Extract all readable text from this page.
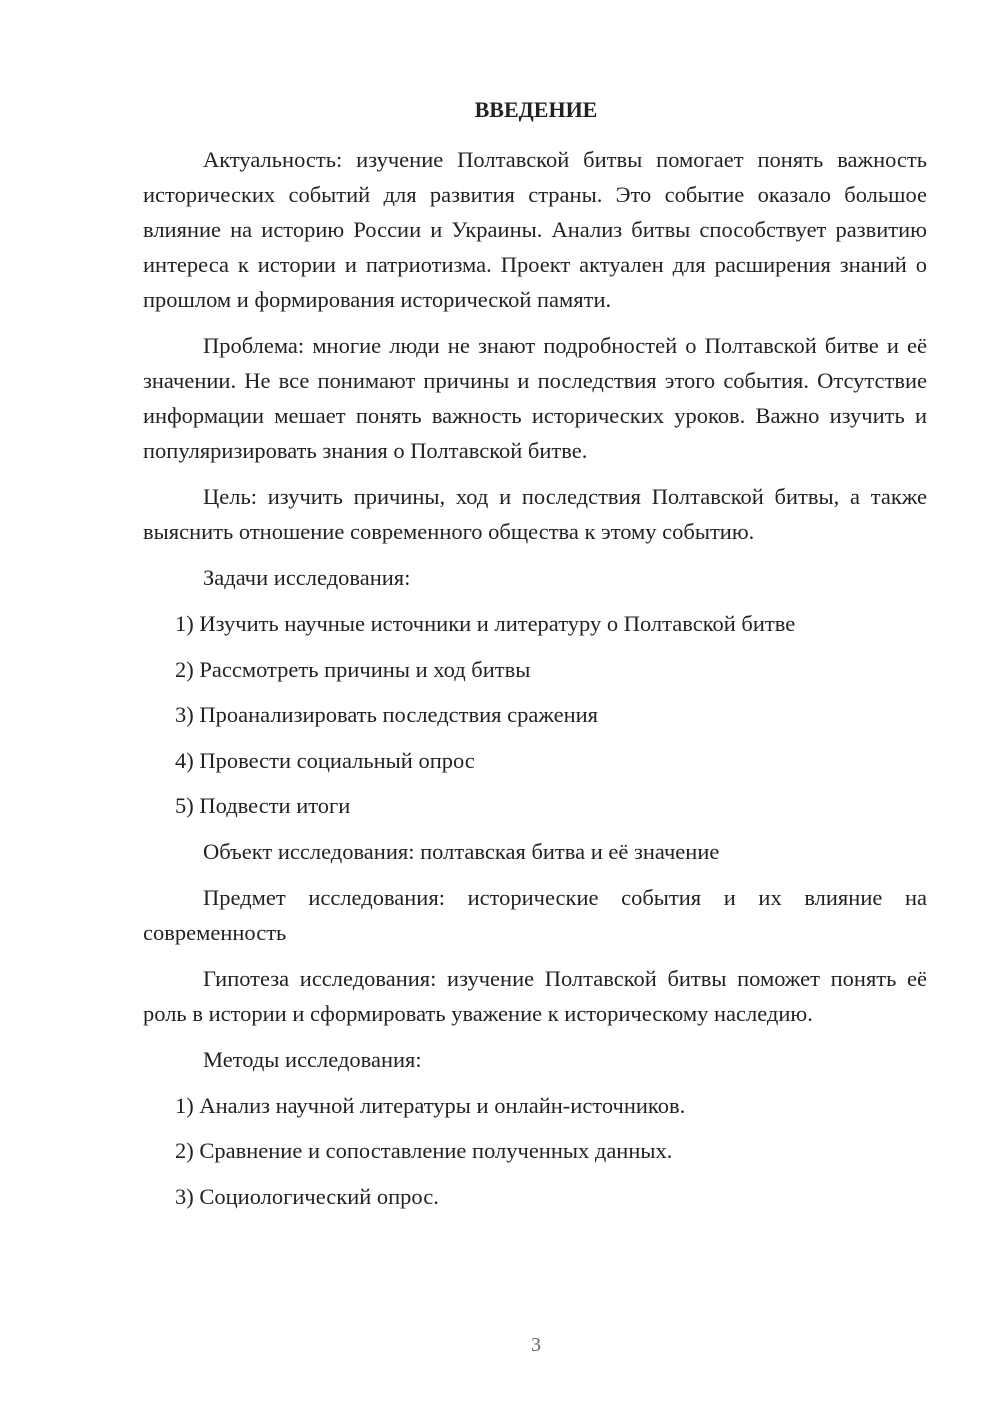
ВВЕДЕНИЕ

Актуальность: изучение Полтавской битвы помогает понять важность исторических событий для развития страны. Это событие оказало большое влияние на историю России и Украины. Анализ битвы способствует развитию интереса к истории и патриотизма. Проект актуален для расширения знаний о прошлом и формирования исторической памяти.

Проблема: многие люди не знают подробностей о Полтавской битве и её значении. Не все понимают причины и последствия этого события. Отсутствие информации мешает понять важность исторических уроков. Важно изучить и популяризировать знания о Полтавской битве.

Цель: изучить причины, ход и последствия Полтавской битвы, а также выяснить отношение современного общества к этому событию.

Задачи исследования:

1) Изучить научные источники и литературу о Полтавской битве

2) Рассмотреть причины и ход битвы

3) Проанализировать последствия сражения

4) Провести социальный опрос

5) Подвести итоги

Объект исследования: полтавская битва и её значение

Предмет исследования: исторические события и их влияние на современность

Гипотеза исследования: изучение Полтавской битвы поможет понять её роль в истории и сформировать уважение к историческому наследию.

Методы исследования:

1) Анализ научной литературы и онлайн-источников.

2) Сравнение и сопоставление полученных данных.

3) Социологический опрос.

3
